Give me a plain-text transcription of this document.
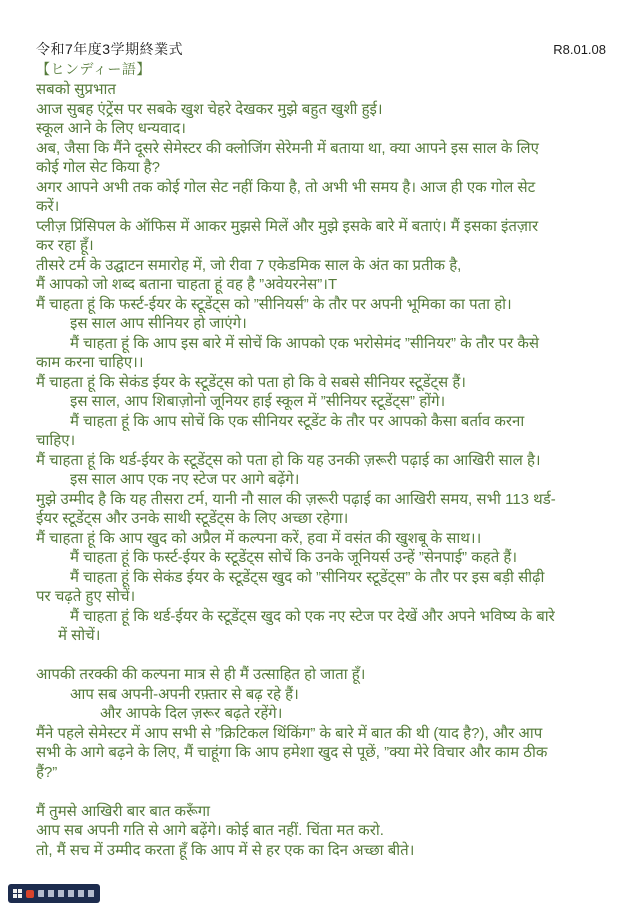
令和7年度3学期終業式	R8.01.08
【ヒンディー語】
सबको सुप्रभात
आज सुबह एंट्रेंस पर सबके खुश चेहरे देखकर मुझे बहुत खुशी हुई।
स्कूल आने के लिए धन्यवाद।
अब, जैसा कि मैंने दूसरे सेमेस्टर की क्लोजिंग सेरेमनी में बताया था, क्या आपने इस साल के लिए
कोई गोल सेट किया है?
अगर आपने अभी तक कोई गोल सेट नहीं किया है, तो अभी भी समय है। आज ही एक गोल सेट
करें।
प्लीज़ प्रिंसिपल के ऑफिस में आकर मुझसे मिलें और मुझे इसके बारे में बताएं। मैं इसका इंतज़ार
कर रहा हूँ।
तीसरे टर्म के उद्घाटन समारोह में, जो रीवा 7 एकेडमिक साल के अंत का प्रतीक है,
मैं आपको जो शब्द बताना चाहता हूं वह है ”अवेयरनेस”।T
मैं चाहता हूं कि फर्स्ट-ईयर के स्टूडेंट्स को ”सीनियर्स” के तौर पर अपनी भूमिका का पता हो।
इस साल आप सीनियर हो जाएंगे।
मैं चाहता हूं कि आप इस बारे में सोचें कि आपको एक भरोसेमंद ”सीनियर” के तौर पर कैसे
काम करना चाहिए।।
मैं चाहता हूं कि सेकंड ईयर के स्टूडेंट्स को पता हो कि वे सबसे सीनियर स्टूडेंट्स हैं।
इस साल, आप शिबाज़ोनो जूनियर हाई स्कूल में ”सीनियर स्टूडेंट्स” होंगे।
मैं चाहता हूं कि आप सोचें कि एक सीनियर स्टूडेंट के तौर पर आपको कैसा बर्ताव करना
चाहिए।
मैं चाहता हूं कि थर्ड-ईयर के स्टूडेंट्स को पता हो कि यह उनकी ज़रूरी पढ़ाई का आखिरी साल है।
इस साल आप एक नए स्टेज पर आगे बढ़ेंगे।
मुझे उम्मीद है कि यह तीसरा टर्म, यानी नौ साल की ज़रूरी पढ़ाई का आखिरी समय, सभी 113 थर्ड-
ईयर स्टूडेंट्स और उनके साथी स्टूडेंट्स के लिए अच्छा रहेगा।
मैं चाहता हूं कि आप खुद को अप्रैल में कल्पना करें, हवा में वसंत की खुशबू के साथ।।
मैं चाहता हूं कि फर्स्ट-ईयर के स्टूडेंट्स सोचें कि उनके जूनियर्स उन्हें ”सेनपाई” कहते हैं।
मैं चाहता हूं कि सेकंड ईयर के स्टूडेंट्स खुद को ”सीनियर स्टूडेंट्स” के तौर पर इस बड़ी सीढ़ी
पर चढ़ते हुए सोचें।
मैं चाहता हूं कि थर्ड-ईयर के स्टूडेंट्स खुद को एक नए स्टेज पर देखें और अपने भविष्य के बारे
में सोचें।
आपकी तरक्की की कल्पना मात्र से ही मैं उत्साहित हो जाता हूँ।
आप सब अपनी-अपनी रफ़्तार से बढ़ रहे हैं।
और आपके दिल ज़रूर बढ़ते रहेंगे।
मैंने पहले सेमेस्टर में आप सभी से ”क्रिटिकल थिंकिंग” के बारे में बात की थी (याद है?), और आप
सभी के आगे बढ़ने के लिए, मैं चाहूंगा कि आप हमेशा खुद से पूछें, ”क्या मेरे विचार और काम ठीक
हैं?”
मैं तुमसे आखिरी बार बात करूँगा
आप सब अपनी गति से आगे बढ़ेंगे। कोई बात नहीं. चिंता मत करो.
तो, मैं सच में उम्मीद करता हूँ कि आप में से हर एक का दिन अच्छा बीते।
